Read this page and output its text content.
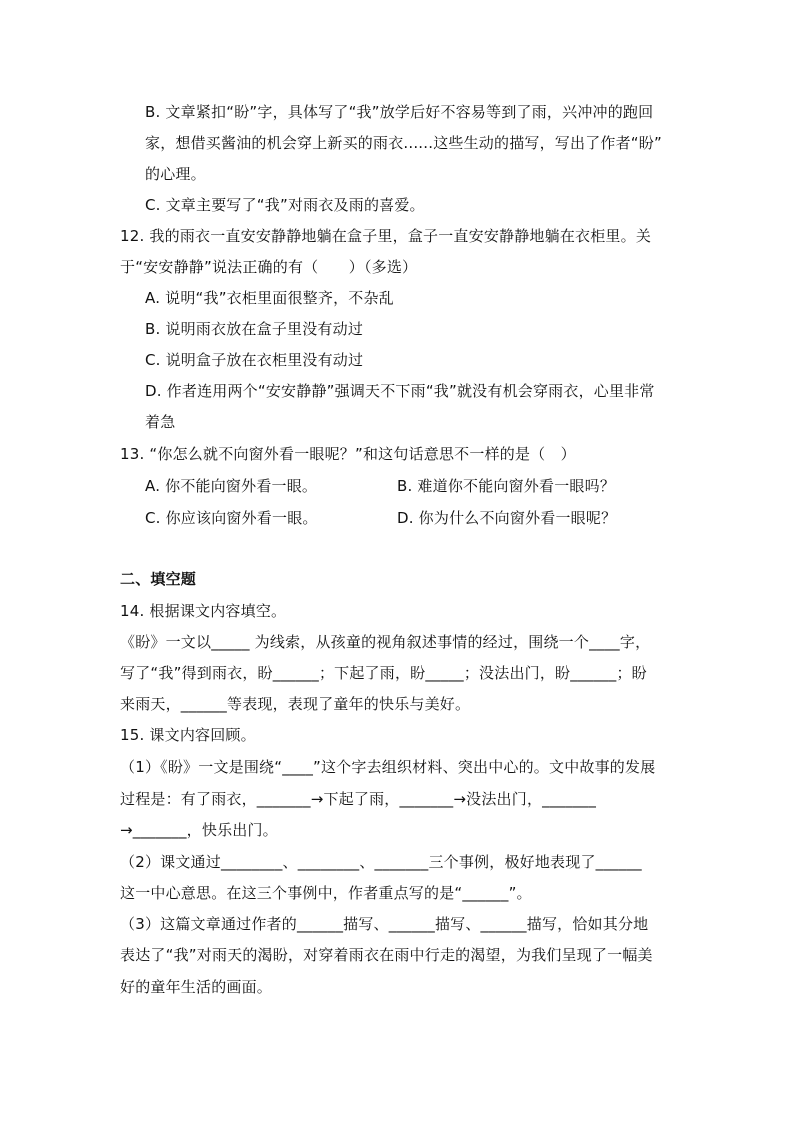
B. 文章紧扣“盼”字，具体写了“我”放学后好不容易等到了雨，兴冲冲的跑回
家，想借买酱油的机会穿上新买的雨衣......这些生动的描写，写出了作者“盼”
的心理。
C. 文章主要写了“我”对雨衣及雨的喜爱。
12. 我的雨衣一直安安静静地躺在盒子里，盒子一直安安静静地躺在衣柜里。关
于“安安静静”说法正确的有（　　）（多选）
A. 说明“我”衣柜里面很整齐，不杂乱
B. 说明雨衣放在盒子里没有动过
C. 说明盒子放在衣柜里没有动过
D. 作者连用两个“安安静静”强调天不下雨“我”就没有机会穿雨衣，心里非常
着急
13. “你怎么就不向窗外看一眼呢？”和这句话意思不一样的是（　）
A. 你不能向窗外看一眼。	B. 难道你不能向窗外看一眼吗？
C. 你应该向窗外看一眼。	D. 你为什么不向窗外看一眼呢？
二、填空题
14. 根据课文内容填空。
《盼》一文以_____ 为线索，从孩童的视角叙述事情的经过，围绕一个____字，
写了“我”得到雨衣，盼______；下起了雨，盼_____；没法出门，盼______；盼
来雨天，______等表现，表现了童年的快乐与美好。
15. 课文内容回顾。
（1）《盼》一文是围绕“____”这个字去组织材料、突出中心的。文中故事的发展
过程是：有了雨衣，_______→下起了雨，_______→没法出门，_______
→_______，快乐出门。
（2）课文通过________、________、_______三个事例，极好地表现了______
这一中心意思。在这三个事例中，作者重点写的是“______”。
（3）这篇文章通过作者的______描写、______描写、______描写，恰如其分地
表达了“我”对雨天的渴盼，对穿着雨衣在雨中行走的渴望，为我们呈现了一幅美
好的童年生活的画面。
